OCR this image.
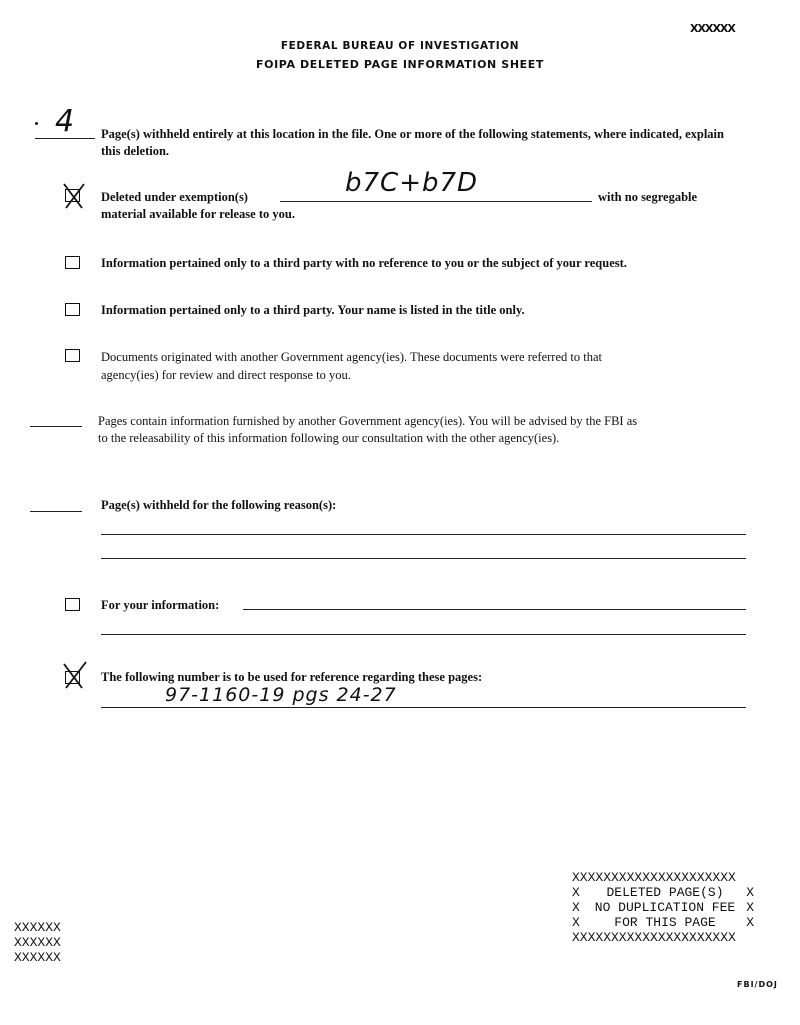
XXXXXX
FEDERAL BUREAU OF INVESTIGATION
FOIPA DELETED PAGE INFORMATION SHEET
4 Page(s) withheld entirely at this location in the file. One or more of the following statements, where indicated, explain this deletion.
Deleted under exemption(s)	b7C+b7D	with no segregable
material available for release to you.
Information pertained only to a third party with no reference to you or the subject of your request.
Information pertained only to a third party. Your name is listed in the title only.
Documents originated with another Government agency(ies). These documents were referred to that
agency(ies) for review and direct response to you.
Pages contain information furnished by another Government agency(ies). You will be advised by the FBI as
to the releasability of this information following our consultation with the other agency(ies).
Page(s) withheld for the following reason(s):
For your information:
The following number is to be used for reference regarding these pages:
97-1160-19 pgs 24-27
XXXXXXXXXXXXXXXXXXXXX
X	DELETED PAGE(S)	X
X	NO DUPLICATION FEE X
X	FOR THIS PAGE	X
XXXXXXXXXXXXXXXXXXXXX
XXXXXX
XXXXXX
XXXXXX
FBI/DOJ
